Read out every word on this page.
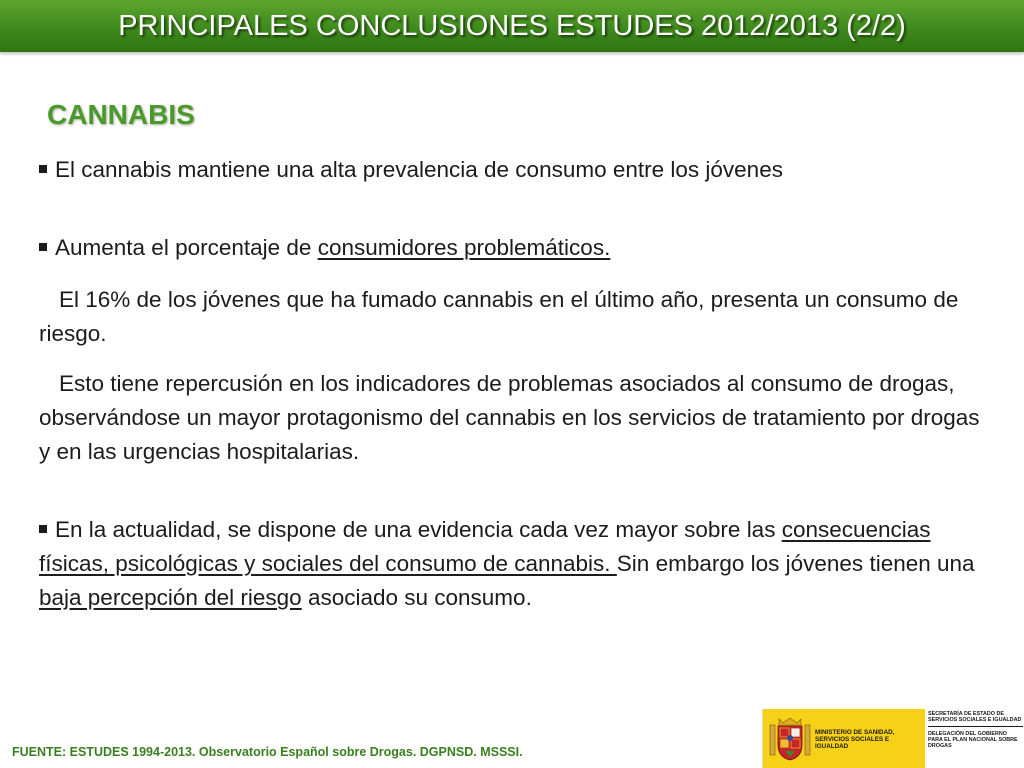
PRINCIPALES CONCLUSIONES ESTUDES 2012/2013 (2/2)
CANNABIS
El cannabis mantiene una alta prevalencia de consumo entre los jóvenes
Aumenta el porcentaje de consumidores problemáticos.
El 16% de los jóvenes que ha fumado cannabis en el último año, presenta un consumo de riesgo.
Esto tiene repercusión en los indicadores de problemas asociados al consumo de drogas, observándose un mayor protagonismo del cannabis en los servicios de tratamiento por drogas y en las urgencias hospitalarias.
En la actualidad, se dispone de una evidencia cada vez mayor sobre las consecuencias físicas, psicológicas y sociales del consumo de cannabis. Sin embargo los jóvenes tienen una baja percepción del riesgo asociado su consumo.
FUENTE: ESTUDES 1994-2013. Observatorio Español sobre Drogas. DGPNSD. MSSSI.
MINISTERIO DE SANIDAD, SERVICIOS SOCIALES E IGUALDAD
SECRETARÍA DE ESTADO DE SERVICIOS SOCIALES E IGUALDAD
DELEGACIÓN DEL GOBIERNO PARA EL PLAN NACIONAL SOBRE DROGAS
